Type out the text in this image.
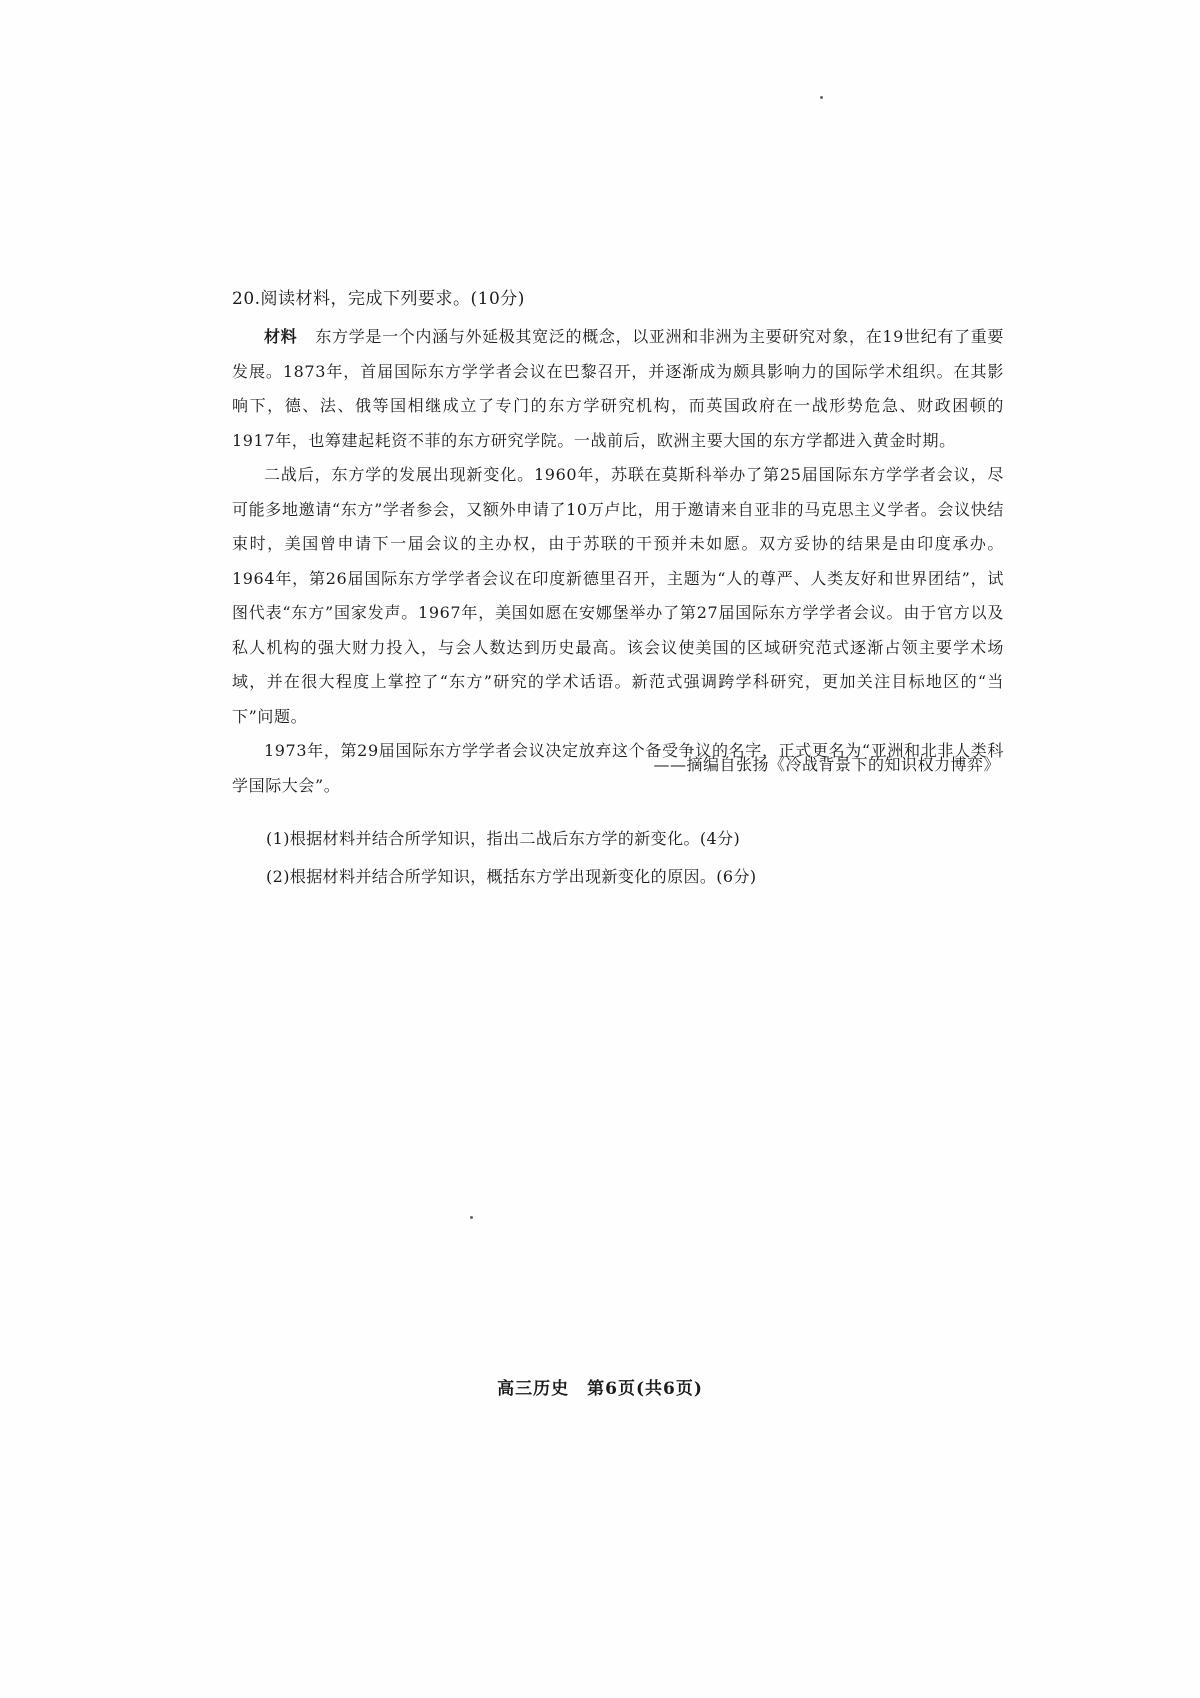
20.阅读材料，完成下列要求。(10分)

材料 东方学是一个内涵与外延极其宽泛的概念，以亚洲和非洲为主要研究对象，在19世纪有了重要发展。1873年，首届国际东方学学者会议在巴黎召开，并逐渐成为颇具影响力的国际学术组织。在其影响下，德、法、俄等国相继成立了专门的东方学研究机构，而英国政府在一战形势危急、财政困顿的1917年，也筹建起耗资不菲的东方研究学院。一战前后，欧洲主要大国的东方学都进入黄金时期。

二战后，东方学的发展出现新变化。1960年，苏联在莫斯科举办了第25届国际东方学学者会议，尽可能多地邀请“东方”学者参会，又额外申请了10万卢比，用于邀请来自亚非的马克思主义学者。会议快结束时，美国曾申请下一届会议的主办权，由于苏联的干预并未如愿。双方妥协的结果是由印度承办。1964年，第26届国际东方学学者会议在印度新德里召开，主题为“人的尊严、人类友好和世界团结”，试图代表“东方”国家发声。1967年，美国如愿在安娜堡举办了第27届国际东方学学者会议。由于官方以及私人机构的强大财力投入，与会人数达到历史最高。该会议使美国的区域研究范式逐渐占领主要学术场域，并在很大程度上掌控了“东方”研究的学术话语。新范式强调跨学科研究，更加关注目标地区的“当下”问题。

1973年，第29届国际东方学学者会议决定放弃这个备受争议的名字，正式更名为“亚洲和北非人类科学国际大会”。

——摘编自张扬《冷战背景下的知识权力博弈》
(1)根据材料并结合所学知识，指出二战后东方学的新变化。(4分)
(2)根据材料并结合所学知识，概括东方学出现新变化的原因。(6分)
高三历史　第6页(共6页)
